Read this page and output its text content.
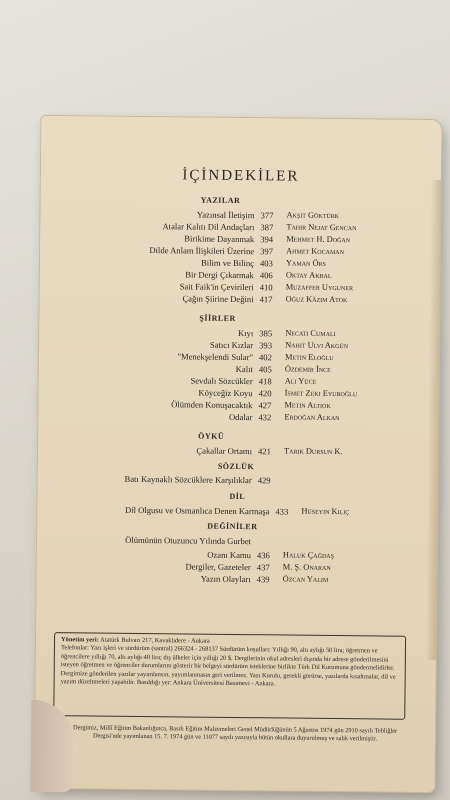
İÇİNDEKİLER
YAZILAR
Yazınsal İletişim 377	Akşit Göktürk
Atalar Kalıtı Dil Andaçları 387	Tahir Nejat Gencan
Birikime Dayanmak 394	Mehmet H. Doğan
Dilde Anlam İlişkileri Üzerine 397	Ahmet Kocaman
Bilim ve Bilinç 403	Yaman Örs
Bir Dergi Çıkarmak 406	Oktay Akbal
Sait Faik'in Çevirileri 410	Muzaffer Uyguner
Çağın Şiirine Değini 417	Oğuz Kâzım Atok
ŞİİRLER
Kıyı 385	Necati Cumalı
Satıcı Kızlar 393	Nahit Ulvi Akgün
"Menekşelendi Sular" 402	Metin Eloğlu
Kalıt 405	Özdemir İnce
Sevdalı Sözcükler 418	Ali Yüce
Köyceğiz Koyu 420	İsmet Zeki Eyuboğlu
Ölümden Konuşacaktık 427	Metin Altıok
Odalar 432	Erdoğan Alkan
ÖYKÜ
Çakallar Ortamı 421	Tarık Dursun K.
SÖZLÜK
Batı Kaynaklı Sözcüklere Karşılıklar 429
DİL
Dil Olgusu ve Osmanlıca Denen Karmaşa 433	Hüseyin Kılıç
DEĞİNİLER
Ölümünün Otuzuncu Yılında Gurbet
Ozanı Kamu 436	Haluk Çağdaş
Dergiler, Gazeteler 437	M. Ş. Onaran
Yazın Olayları 439	Özcan Yalım
Yönetim yeri: Atatürk Bulvarı 217, Kavaklıdere - Ankara
Telefonlar: Yazı işleri ve sürdürüm (santral) 266324 - 268137 Sürdürüm koşulları: Yıllığı 90, altı aylığı 50 lira; öğretmen ve öğrencilere yıllığı 70, altı aylığı 40 lira; dış ülkeler için yıllığı 20 $. Dergilerinin okul adresleri dışında bir adrese gönderilmesini isteyen öğretmen ve öğrenciler durumlarını gösterir bir belgeyi sürdürüm isteklerine birlikte Türk Dil Kurumuna göndermelidirler. Dergimize gönderilen yazılar yayımlansın, yayımlanmasın geri verilmez. Yazı Kurulu, gerekli görürse, yazılarda kısaltmalar, dil ve yazım düzeltmeleri yapabilir. Basıldığı yer: Ankara Üniversitesi Basımevi - Ankara.
Dergimiz, Millî Eğitim Bakanlığınca, Basılı Eğitim Malzemeleri Genel Müdürlüğünün 5 Ağustos 1974 gün 2910 sayılı Tebliğler Dergisi'nde yayımlanan 15. 7. 1974 gün ve 11077 sayılı yazısıyla bütün okullara duyurulmuş ve salık verilmiştir.
